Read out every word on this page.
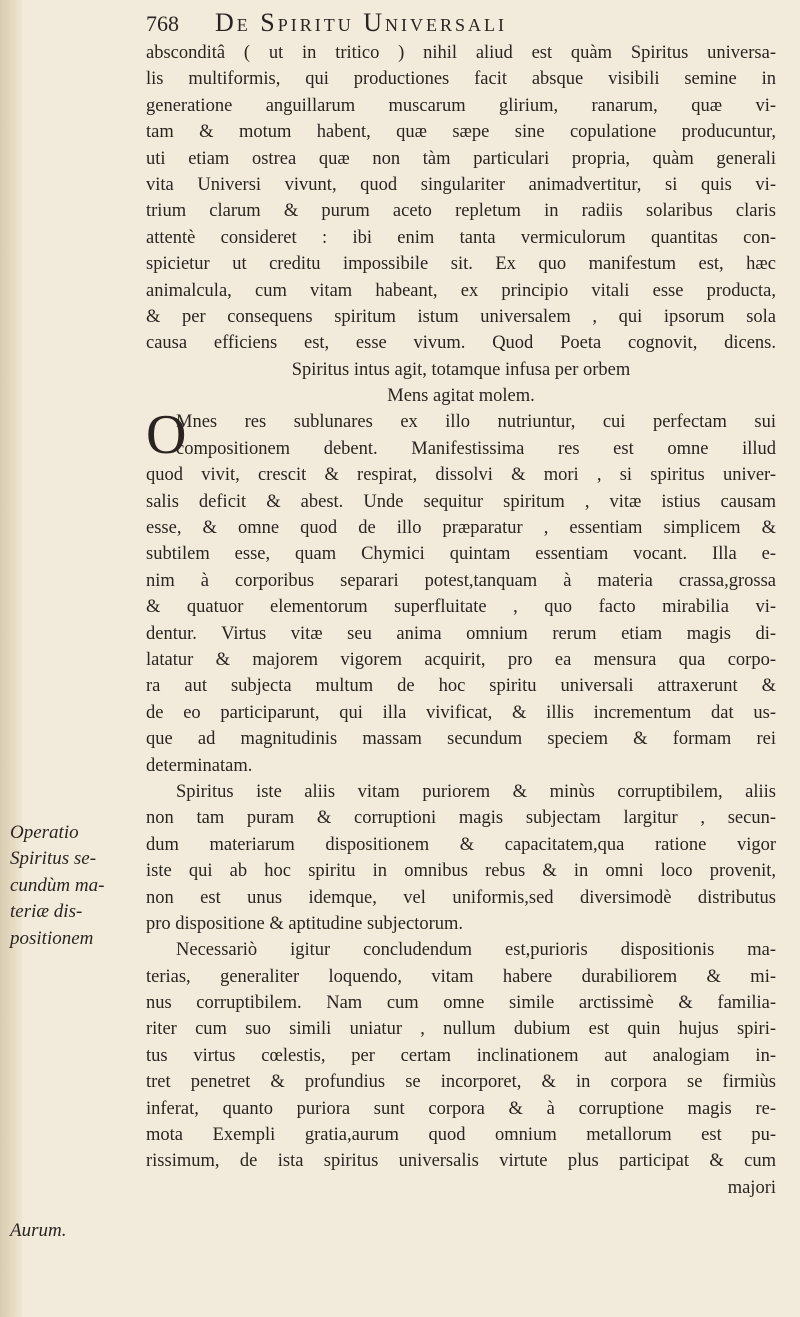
768 De Spiritu Universali
Operatio
Spiritus se-
cundùm ma-
teriæ dis-
positionem
Aurum.
absconditâ ( ut in tritico ) nihil aliud est quàm Spiritus universa-
lis multiformis, qui productiones facit absque visibili semine in
generatione anguillarum muscarum glirium, ranarum, quæ vi-
tam & motum habent, quæ sæpe sine copulatione producuntur,
uti etiam ostrea quæ non tàm particulari propria, quàm generali
vita Universi vivunt, quod singulariter animadvertitur, si quis vi-
trium clarum & purum aceto repletum in radiis solaribus claris
attentè consideret : ibi enim tanta vermiculorum quantitas con-
spicietur ut creditu impossibile sit. Ex quo manifestum est, hæc
animalcula, cum vitam habeant, ex principio vitali esse producta,
& per consequens spiritum istum universalem , qui ipsorum sola
causa efficiens est, esse vivum. Quod Poeta cognovit, dicens.
Spiritus intus agit, totamque infusa per orbem
Mens agitat molem.
O
Mnes res sublunares ex illo nutriuntur, cui perfectam sui
compositionem debent. Manifestissima res est omne illud
quod vivit, crescit & respirat, dissolvi & mori , si spiritus univer-
salis deficit & abest. Unde sequitur spiritum , vitæ istius causam
esse, & omne quod de illo præparatur , essentiam simplicem &
subtilem esse, quam Chymici quintam essentiam vocant. Illa e-
nim à corporibus separari potest,tanquam à materia crassa,grossa
& quatuor elementorum superfluitate , quo facto mirabilia vi-
dentur. Virtus vitæ seu anima omnium rerum etiam magis di-
latatur & majorem vigorem acquirit, pro ea mensura qua corpo-
ra aut subjecta multum de hoc spiritu universali attraxerunt &
de eo participarunt, qui illa vivificat, & illis incrementum dat us-
que ad magnitudinis massam secundum speciem & formam rei
determinatam.
Spiritus iste aliis vitam puriorem & minùs corruptibilem, aliis
non tam puram & corruptioni magis subjectam largitur , secun-
dum materiarum dispositionem & capacitatem,qua ratione vigor
iste qui ab hoc spiritu in omnibus rebus & in omni loco provenit,
non est unus idemque, vel uniformis,sed diversimodè distributus
pro dispositione & aptitudine subjectorum.
Necessariò igitur concludendum est,purioris dispositionis ma-
terias, generaliter loquendo, vitam habere durabiliorem & mi-
nus corruptibilem. Nam cum omne simile arctissimè & familia-
riter cum suo simili uniatur , nullum dubium est quin hujus spiri-
tus virtus cœlestis, per certam inclinationem aut analogiam in-
tret penetret & profundius se incorporet, & in corpora se firmiùs
inferat, quanto puriora sunt corpora & à corruptione magis re-
mota Exempli gratia,aurum quod omnium metallorum est pu-
rissimum, de ista spiritus universalis virtute plus participat & cum
majori
